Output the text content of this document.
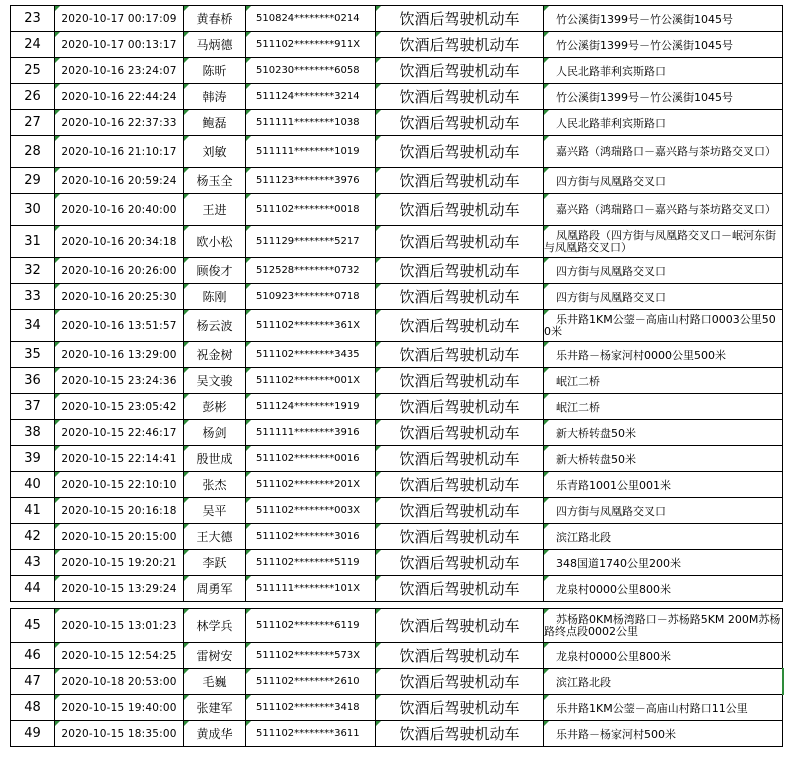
23	2020-10-17 00:17:09	黄春桥	510824********0214	饮酒后驾驶机动车	竹公溪街1399号－竹公溪街1045号
24	2020-10-17 00:13:17	马炳德	511102********911X	饮酒后驾驶机动车	竹公溪街1399号－竹公溪街1045号
25	2020-10-16 23:24:07	陈昕	510230********6058	饮酒后驾驶机动车	人民北路菲利宾斯路口
26	2020-10-16 22:44:24	韩涛	511124********3214	饮酒后驾驶机动车	竹公溪街1399号－竹公溪街1045号
27	2020-10-16 22:37:33	鲍磊	511111********1038	饮酒后驾驶机动车	人民北路菲利宾斯路口
28	2020-10-16 21:10:17	刘敏	511111********1019	饮酒后驾驶机动车	嘉兴路（鸿瑞路口－嘉兴路与茶坊路交叉口）
29	2020-10-16 20:59:24	杨玉全	511123********3976	饮酒后驾驶机动车	四方街与凤凰路交叉口
30	2020-10-16 20:40:00	王进	511102********0018	饮酒后驾驶机动车	嘉兴路（鸿瑞路口－嘉兴路与茶坊路交叉口）
31	2020-10-16 20:34:18	欧小松	511129********5217	饮酒后驾驶机动车	凤凰路段（四方街与凤凰路交叉口－岷河东街与凤凰路交叉口）
32	2020-10-16 20:26:00	顾俊才	512528********0732	饮酒后驾驶机动车	四方街与凤凰路交叉口
33	2020-10-16 20:25:30	陈刚	510923********0718	饮酒后驾驶机动车	四方街与凤凰路交叉口
34	2020-10-16 13:51:57	杨云波	511102********361X	饮酒后驾驶机动车	乐井路1KM公蓥－高庙山村路口0003公里500米
35	2020-10-16 13:29:00	祝金树	511102********3435	饮酒后驾驶机动车	乐井路－杨家河村0000公里500米
36	2020-10-15 23:24:36	吴文骏	511102********001X	饮酒后驾驶机动车	岷江二桥
37	2020-10-15 23:05:42	彭彬	511124********1919	饮酒后驾驶机动车	岷江二桥
38	2020-10-15 22:46:17	杨剑	511111********3916	饮酒后驾驶机动车	新大桥转盘50米
39	2020-10-15 22:14:41	殷世成	511102********0016	饮酒后驾驶机动车	新大桥转盘50米
40	2020-10-15 22:10:10	张杰	511102********201X	饮酒后驾驶机动车	乐青路1001公里001米
41	2020-10-15 20:16:18	吴平	511102********003X	饮酒后驾驶机动车	四方街与凤凰路交叉口
42	2020-10-15 20:15:00	王大德	511102********3016	饮酒后驾驶机动车	滨江路北段
43	2020-10-15 19:20:21	李跃	511102********5119	饮酒后驾驶机动车	348国道1740公里200米
44	2020-10-15 13:29:24	周勇军	511111********101X	饮酒后驾驶机动车	龙泉村0000公里800米

45	2020-10-15 13:01:23	林学兵	511102********6119	饮酒后驾驶机动车	苏杨路0KM杨湾路口－苏杨路5KM 200M苏杨路终点段0002公里
46	2020-10-15 12:54:25	雷树安	511102********573X	饮酒后驾驶机动车	龙泉村0000公里800米
47	2020-10-18 20:53:00	毛巍	511102********2610	饮酒后驾驶机动车	滨江路北段
48	2020-10-15 19:40:00	张建军	511102********3418	饮酒后驾驶机动车	乐井路1KM公蓥－高庙山村路口11公里
49	2020-10-15 18:35:00	黄成华	511102********3611	饮酒后驾驶机动车	乐井路－杨家河村500米
